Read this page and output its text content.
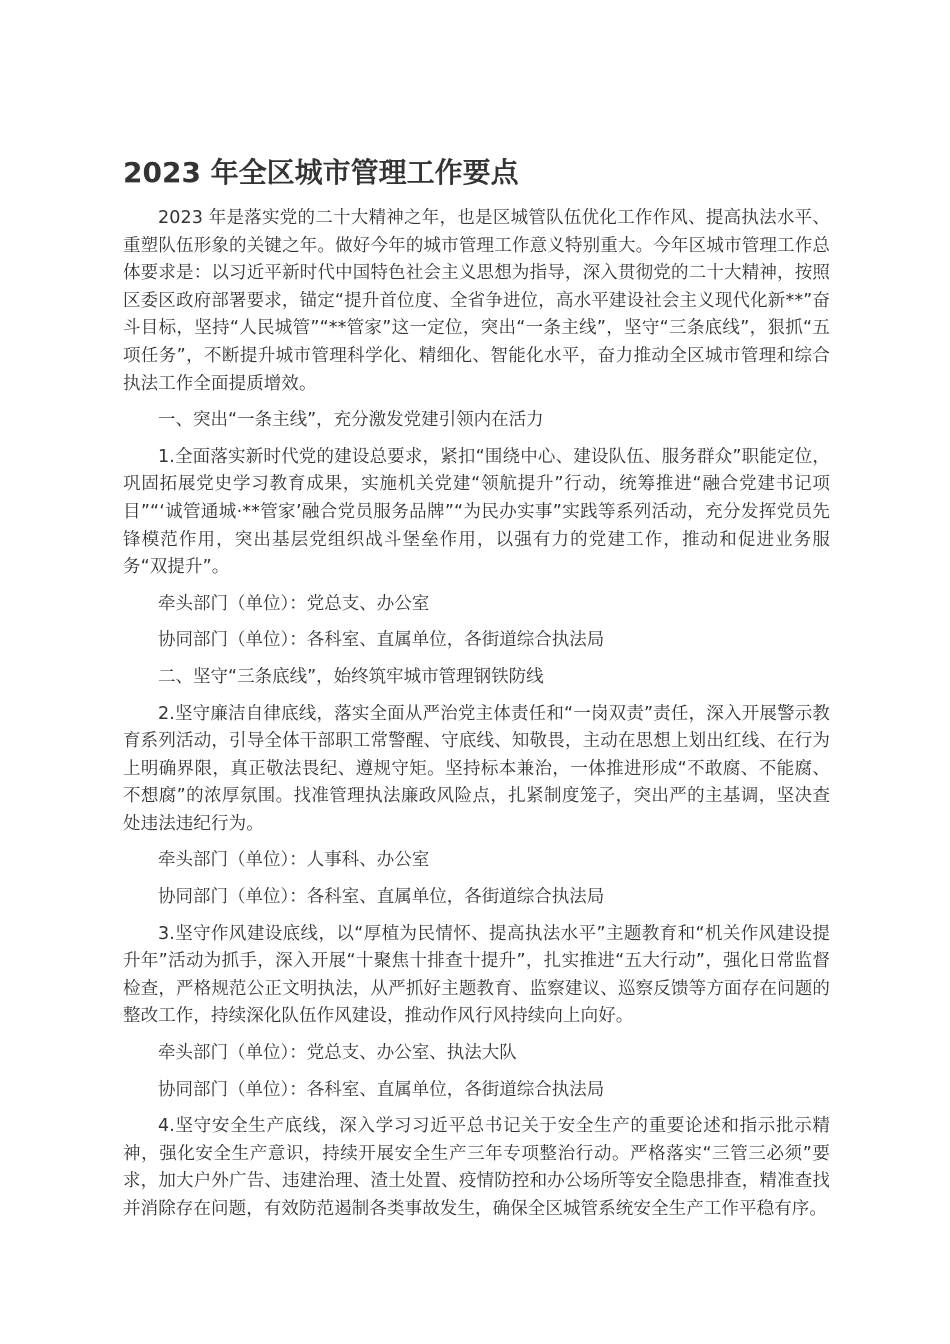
2023 年全区城市管理工作要点

2023 年是落实党的二十大精神之年，也是区城管队伍优化工作作风、提高执法水平、重塑队伍形象的关键之年。做好今年的城市管理工作意义特别重大。今年区城市管理工作总体要求是：以习近平新时代中国特色社会主义思想为指导，深入贯彻党的二十大精神，按照区委区政府部署要求，锚定“提升首位度、全省争进位，高水平建设社会主义现代化新**”奋斗目标，坚持“人民城管”“**管家”这一定位，突出“一条主线”，坚守“三条底线”，狠抓“五项任务”，不断提升城市管理科学化、精细化、智能化水平，奋力推动全区城市管理和综合执法工作全面提质增效。

一、突出“一条主线”，充分激发党建引领内在活力

1.全面落实新时代党的建设总要求，紧扣“围绕中心、建设队伍、服务群众”职能定位，巩固拓展党史学习教育成果，实施机关党建“领航提升”行动，统筹推进“融合党建书记项目”“‘诚管通城·**管家’融合党员服务品牌”“为民办实事”实践等系列活动，充分发挥党员先锋模范作用，突出基层党组织战斗堡垒作用，以强有力的党建工作，推动和促进业务服务“双提升”。

牵头部门（单位）：党总支、办公室

协同部门（单位）：各科室、直属单位，各街道综合执法局

二、坚守“三条底线”，始终筑牢城市管理钢铁防线

2.坚守廉洁自律底线，落实全面从严治党主体责任和“一岗双责”责任，深入开展警示教育系列活动，引导全体干部职工常警醒、守底线、知敬畏，主动在思想上划出红线、在行为上明确界限，真正敬法畏纪、遵规守矩。坚持标本兼治，一体推进形成“不敢腐、不能腐、不想腐”的浓厚氛围。找准管理执法廉政风险点，扎紧制度笼子，突出严的主基调，坚决查处违法违纪行为。

牵头部门（单位）：人事科、办公室

协同部门（单位）：各科室、直属单位，各街道综合执法局

3.坚守作风建设底线，以“厚植为民情怀、提高执法水平”主题教育和“机关作风建设提升年”活动为抓手，深入开展“十聚焦十排查十提升”，扎实推进“五大行动”，强化日常监督检查，严格规范公正文明执法，从严抓好主题教育、监察建议、巡察反馈等方面存在问题的整改工作，持续深化队伍作风建设，推动作风行风持续向上向好。

牵头部门（单位）：党总支、办公室、执法大队

协同部门（单位）：各科室、直属单位，各街道综合执法局

4.坚守安全生产底线，深入学习习近平总书记关于安全生产的重要论述和指示批示精神，强化安全生产意识，持续开展安全生产三年专项整治行动。严格落实“三管三必须”要求，加大户外广告、违建治理、渣土处置、疫情防控和办公场所等安全隐患排查，精准查找并消除存在问题，有效防范遏制各类事故发生，确保全区城管系统安全生产工作平稳有序。
